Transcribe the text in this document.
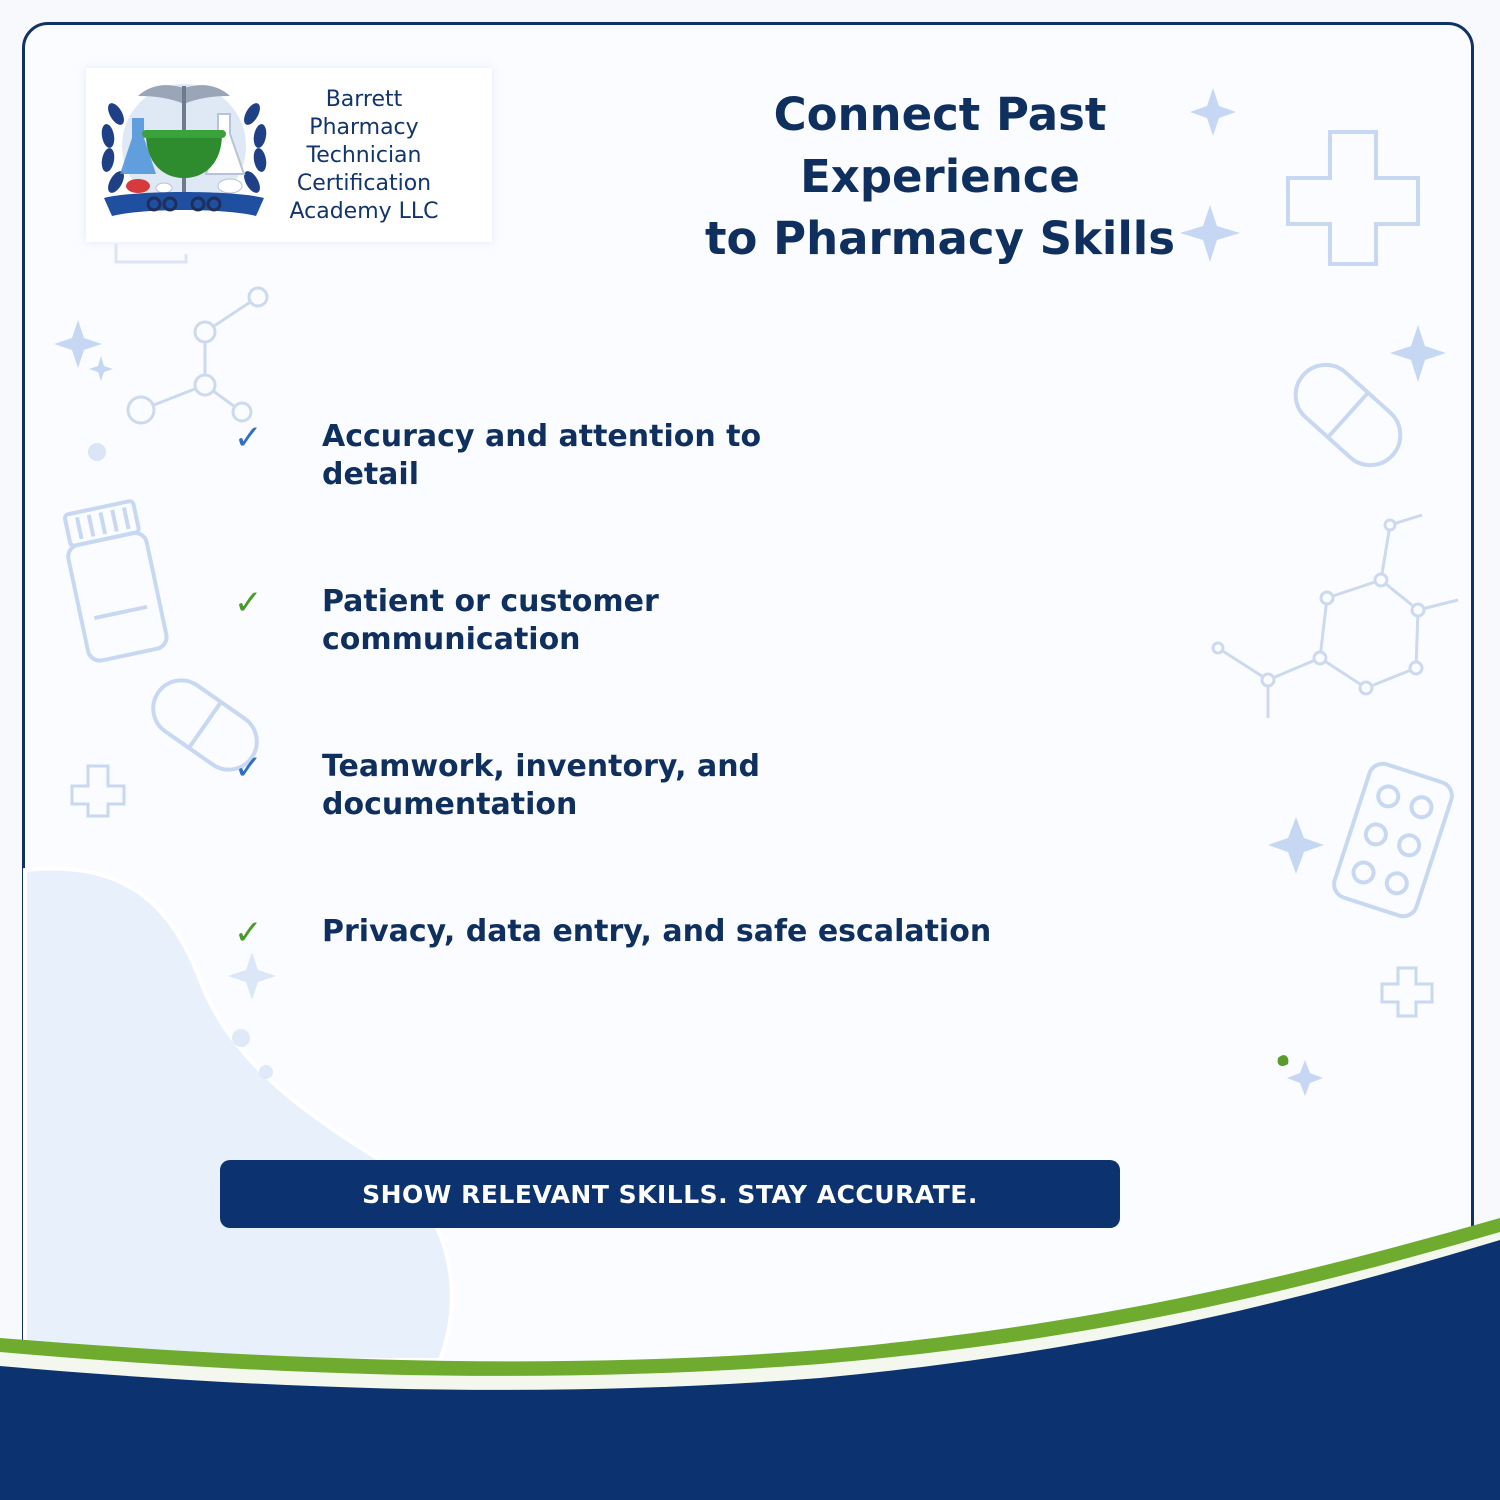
Barrett
Pharmacy
Technician
Certification
Academy LLC
Connect Past
Experience
to Pharmacy Skills
✓ Accuracy and attention to
detail
✓ Patient or customer
communication
✓ Teamwork, inventory, and
documentation
✓ Privacy, data entry, and safe escalation
SHOW RELEVANT SKILLS. STAY ACCURATE.
